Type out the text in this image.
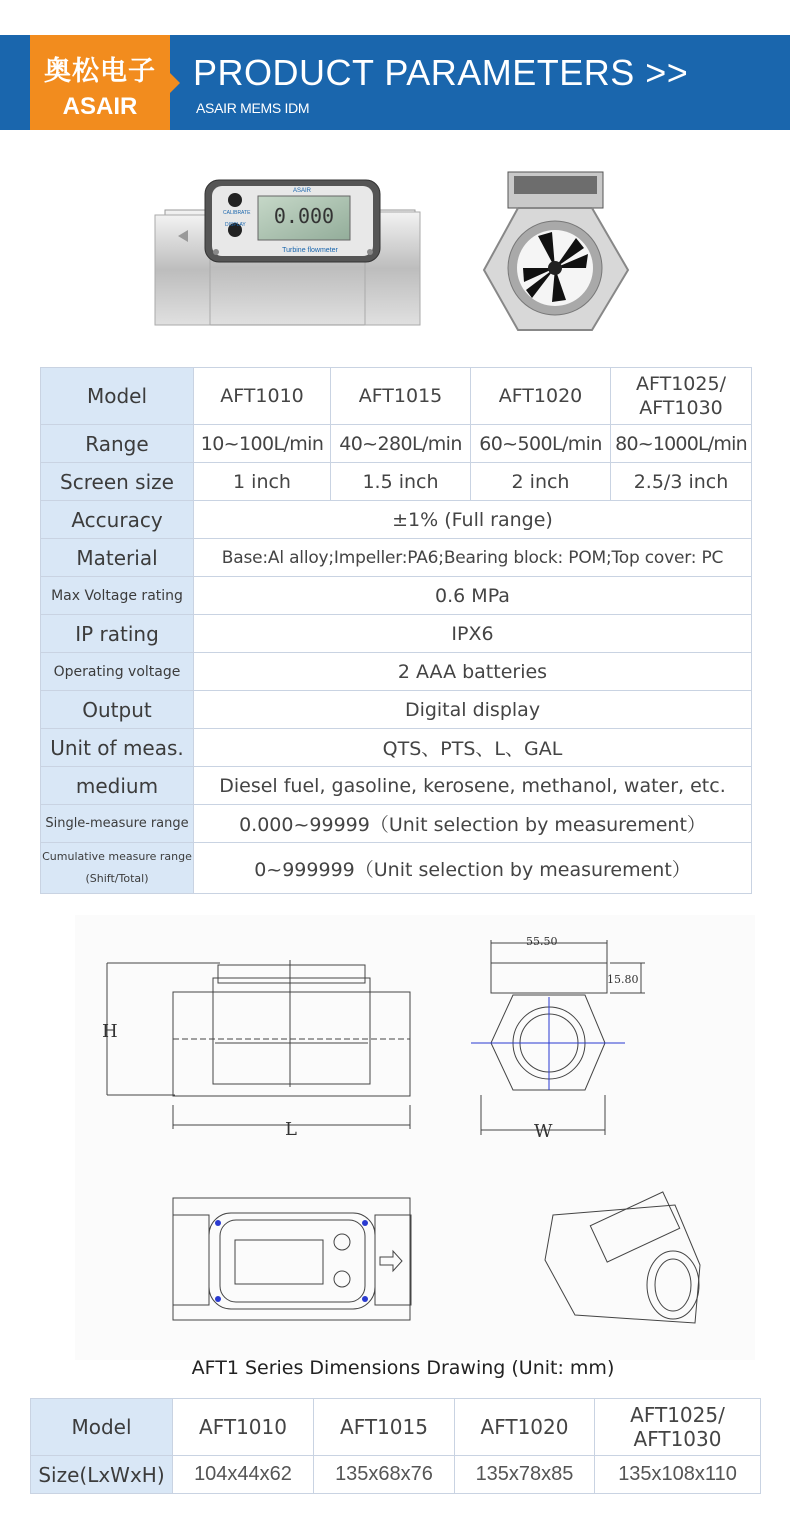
奥松电子
ASAIR
PRODUCT PARAMETERS >>
ASAIR MEMS IDM
ASAIR
CALIBRATE
DISPLAY 0.000
Turbine flowmeter
Model	AFT1010	AFT1015	AFT1020	AFT1025/
AFT1030

Range	10~100L/min	40~280L/min	60~500L/min	80~1000L/min
Screen size	1 inch	1.5 inch	2 inch	2.5/3 inch
Accuracy	±1% (Full range)			
Material	Base:Al alloy;Impeller:PA6;Bearing block: POM;Top cover: PC			
Max Voltage rating	0.6 MPa			
IP rating	IPX6			
Operating voltage	2 AAA batteries			
Output	Digital display			
Unit of meas.	QTS、PTS、L、GAL			
medium	Diesel fuel, gasoline, kerosene, methanol, water, etc.			
Single-measure range	0.000~99999（Unit selection by measurement）			

Cumulative measure range
(Shift/Total)	0~999999（Unit selection by measurement）			
H
L	W
55.50
15.80
AFT1 Series Dimensions Drawing (Unit: mm)
Model	AFT1010	AFT1015	AFT1020	AFT1025/
AFT1030

Size(LxWxH)	104x44x62	135x68x76	135x78x85	135x108x110
